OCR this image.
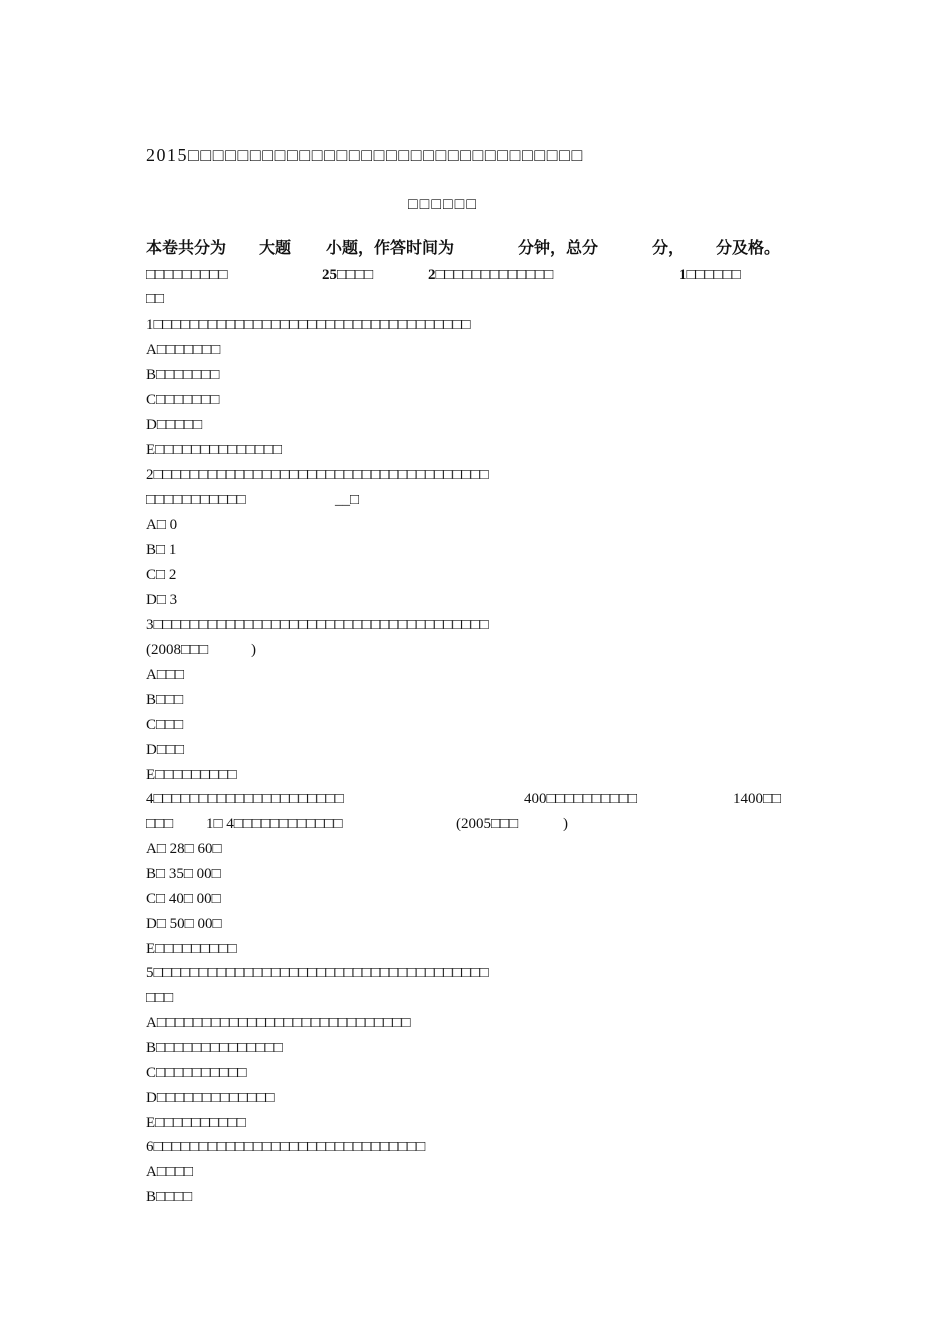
2015□□□□□□□□□□□□□□□□□□□□□□□□□□□□□□□□
□□□□□□
本卷共分为 大题 小题，作答时间为	分钟，总分	分， 分及格。
□□□□□□□□□	25□□□□	2□□□□□□□□□□□□□	1□□□□□□
□□
1□□□□□□□□□□□□□□□□□□□□□□□□□□□□□□□□□□□
A□□□□□□□
B□□□□□□□
C□□□□□□□
D□□□□□
E□□□□□□□□□□□□□□
2□□□□□□□□□□□□□□□□□□□□□□□□□□□□□□□□□□□□□
□□□□□□□□□□□	__□
A□ 0
B□ 1
C□ 2
D□ 3
3□□□□□□□□□□□□□□□□□□□□□□□□□□□□□□□□□□□□□
(2008□□□	)
A□□□
B□□□
C□□□
D□□□
E□□□□□□□□□
4□□□□□□□□□□□□□□□□□□□□□	400□□□□□□□□□□	1400□□
□□□ 1□ 4□□□□□□□□□□□□	(2005□□□	)
A□ 28□ 60□
B□ 35□ 00□
C□ 40□ 00□
D□ 50□ 00□
E□□□□□□□□□
5□□□□□□□□□□□□□□□□□□□□□□□□□□□□□□□□□□□□□
□□□
A□□□□□□□□□□□□□□□□□□□□□□□□□□□□
B□□□□□□□□□□□□□□
C□□□□□□□□□□
D□□□□□□□□□□□□□
E□□□□□□□□□□
6□□□□□□□□□□□□□□□□□□□□□□□□□□□□□□
A□□□□
B□□□□
